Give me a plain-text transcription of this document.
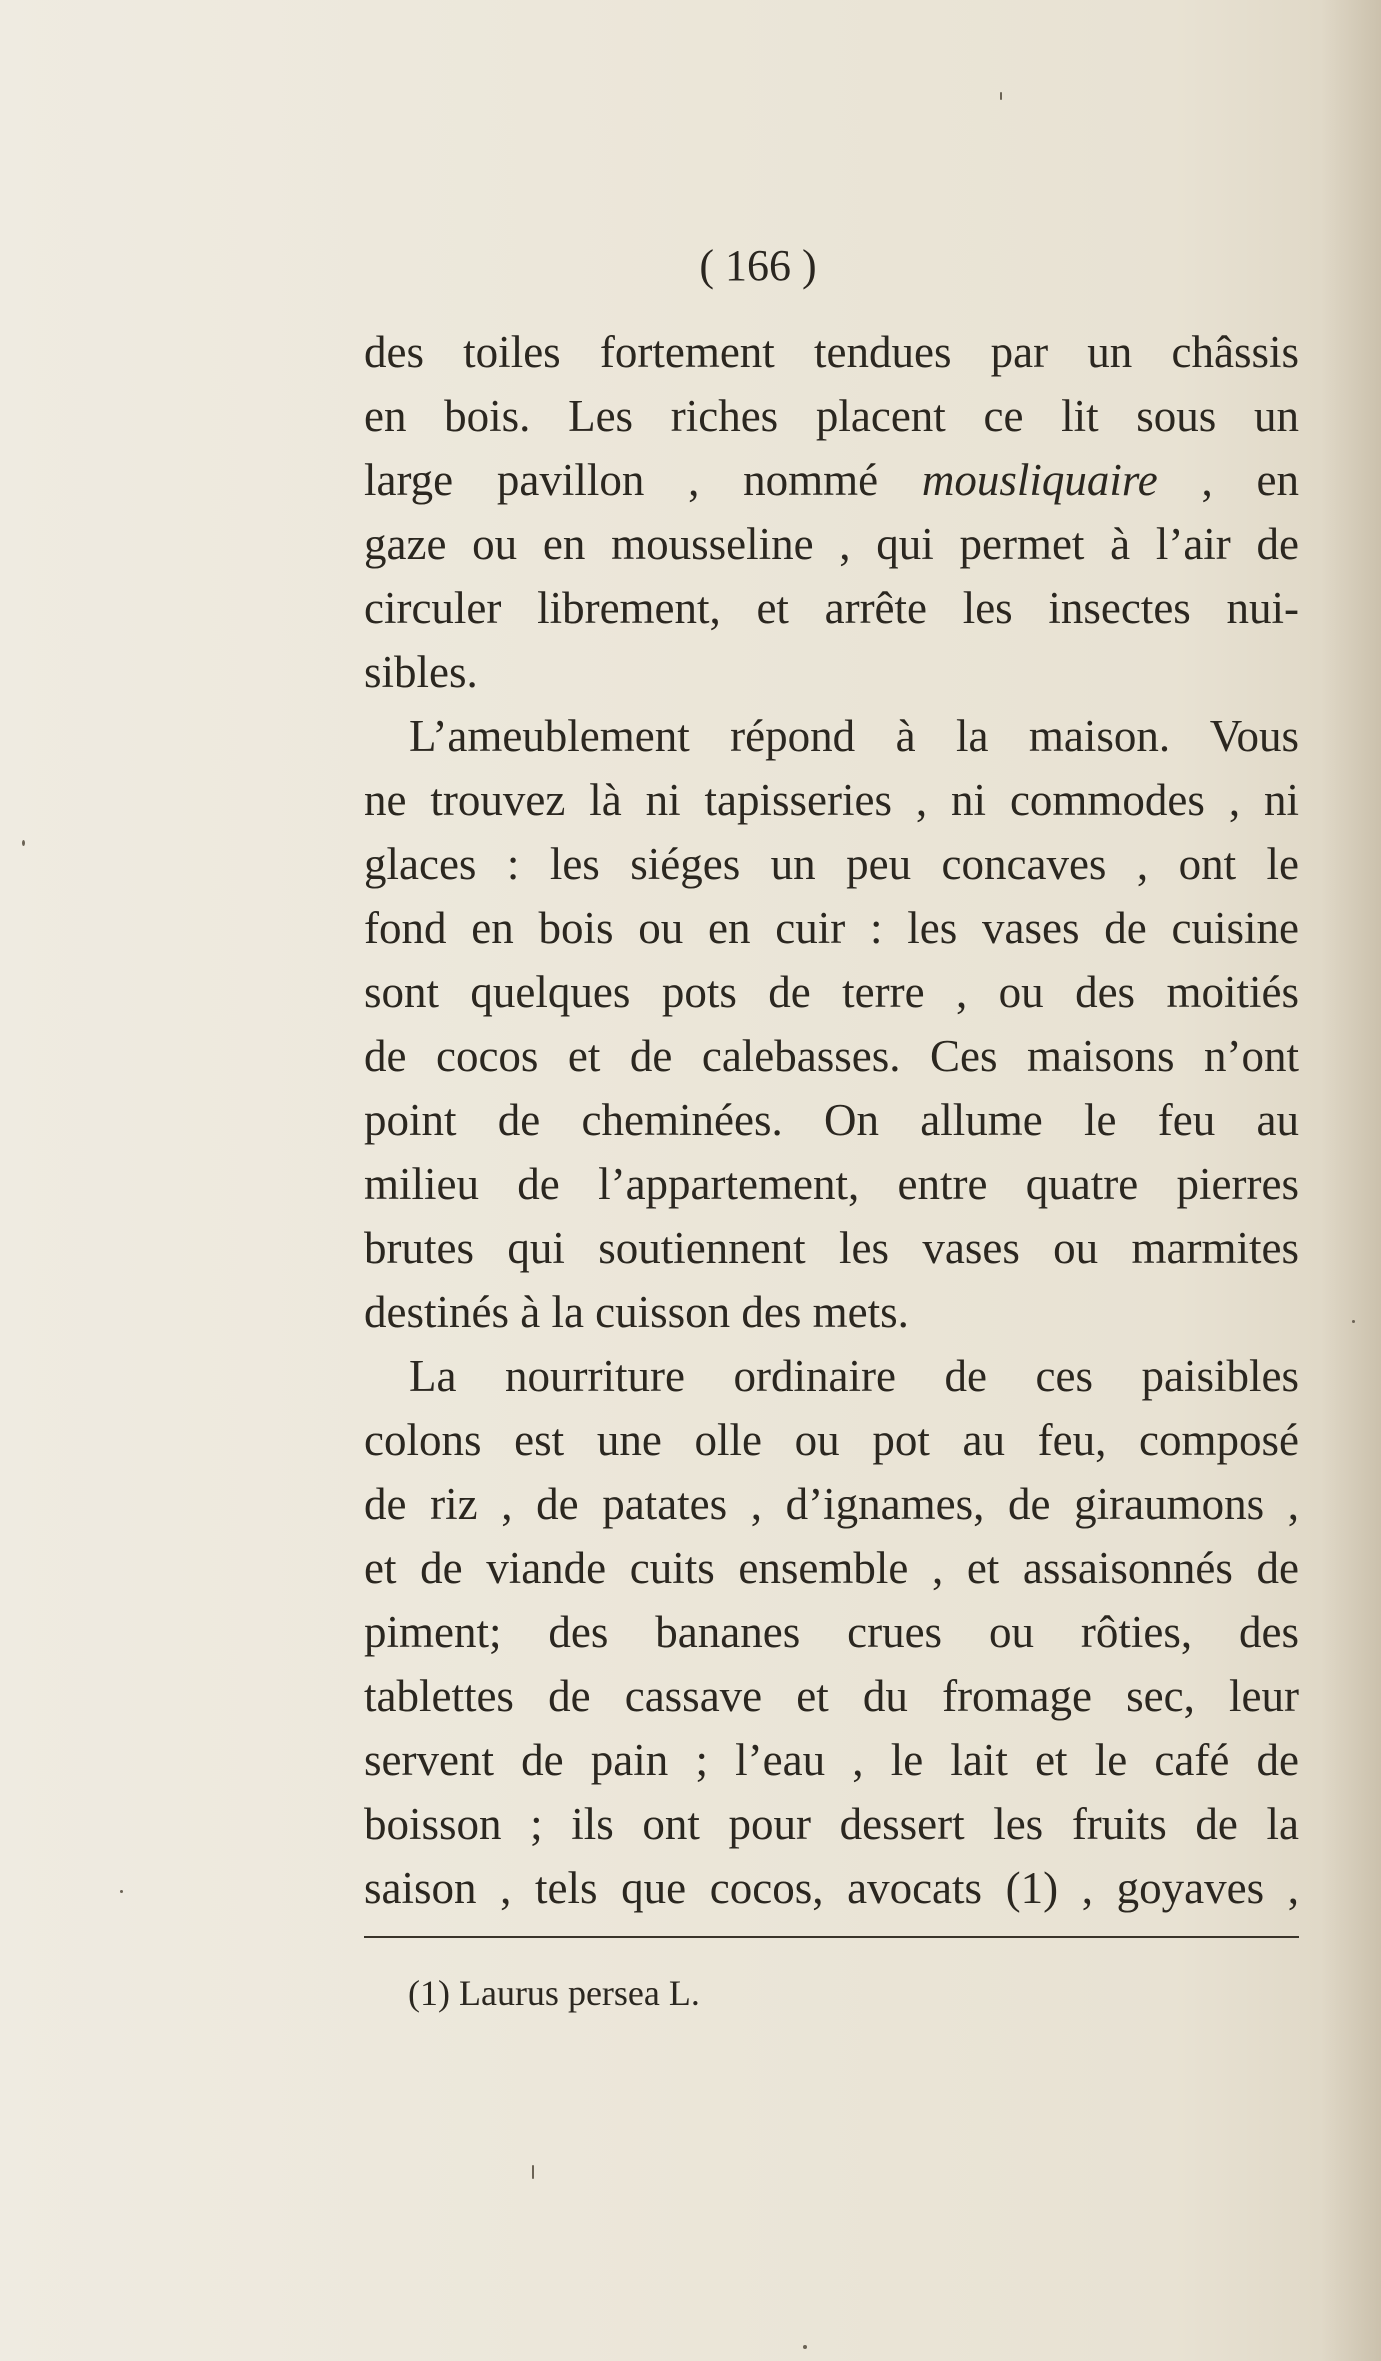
( 166 )
des toiles fortement tendues par un châssis
en bois. Les riches placent ce lit sous un
large pavillon , nommé mousliquaire , en
gaze ou en mousseline , qui permet à l’air de
circuler librement, et arrête les insectes nui-
sibles.
L’ameublement répond à la maison. Vous
ne trouvez là ni tapisseries , ni commodes , ni
glaces : les siéges un peu concaves , ont le
fond en bois ou en cuir : les vases de cuisine
sont quelques pots de terre , ou des moitiés
de cocos et de calebasses. Ces maisons n’ont
point de cheminées. On allume le feu au
milieu de l’appartement, entre quatre pierres
brutes qui soutiennent les vases ou marmites
destinés à la cuisson des mets.
La nourriture ordinaire de ces paisibles
colons est une olle ou pot au feu, composé
de riz , de patates , d’ignames, de giraumons ,
et de viande cuits ensemble , et assaisonnés de
piment; des bananes crues ou rôties, des
tablettes de cassave et du fromage sec, leur
servent de pain ; l’eau , le lait et le café de
boisson ; ils ont pour dessert les fruits de la
saison , tels que cocos, avocats (1) , goyaves ,
(1) Laurus persea L.
